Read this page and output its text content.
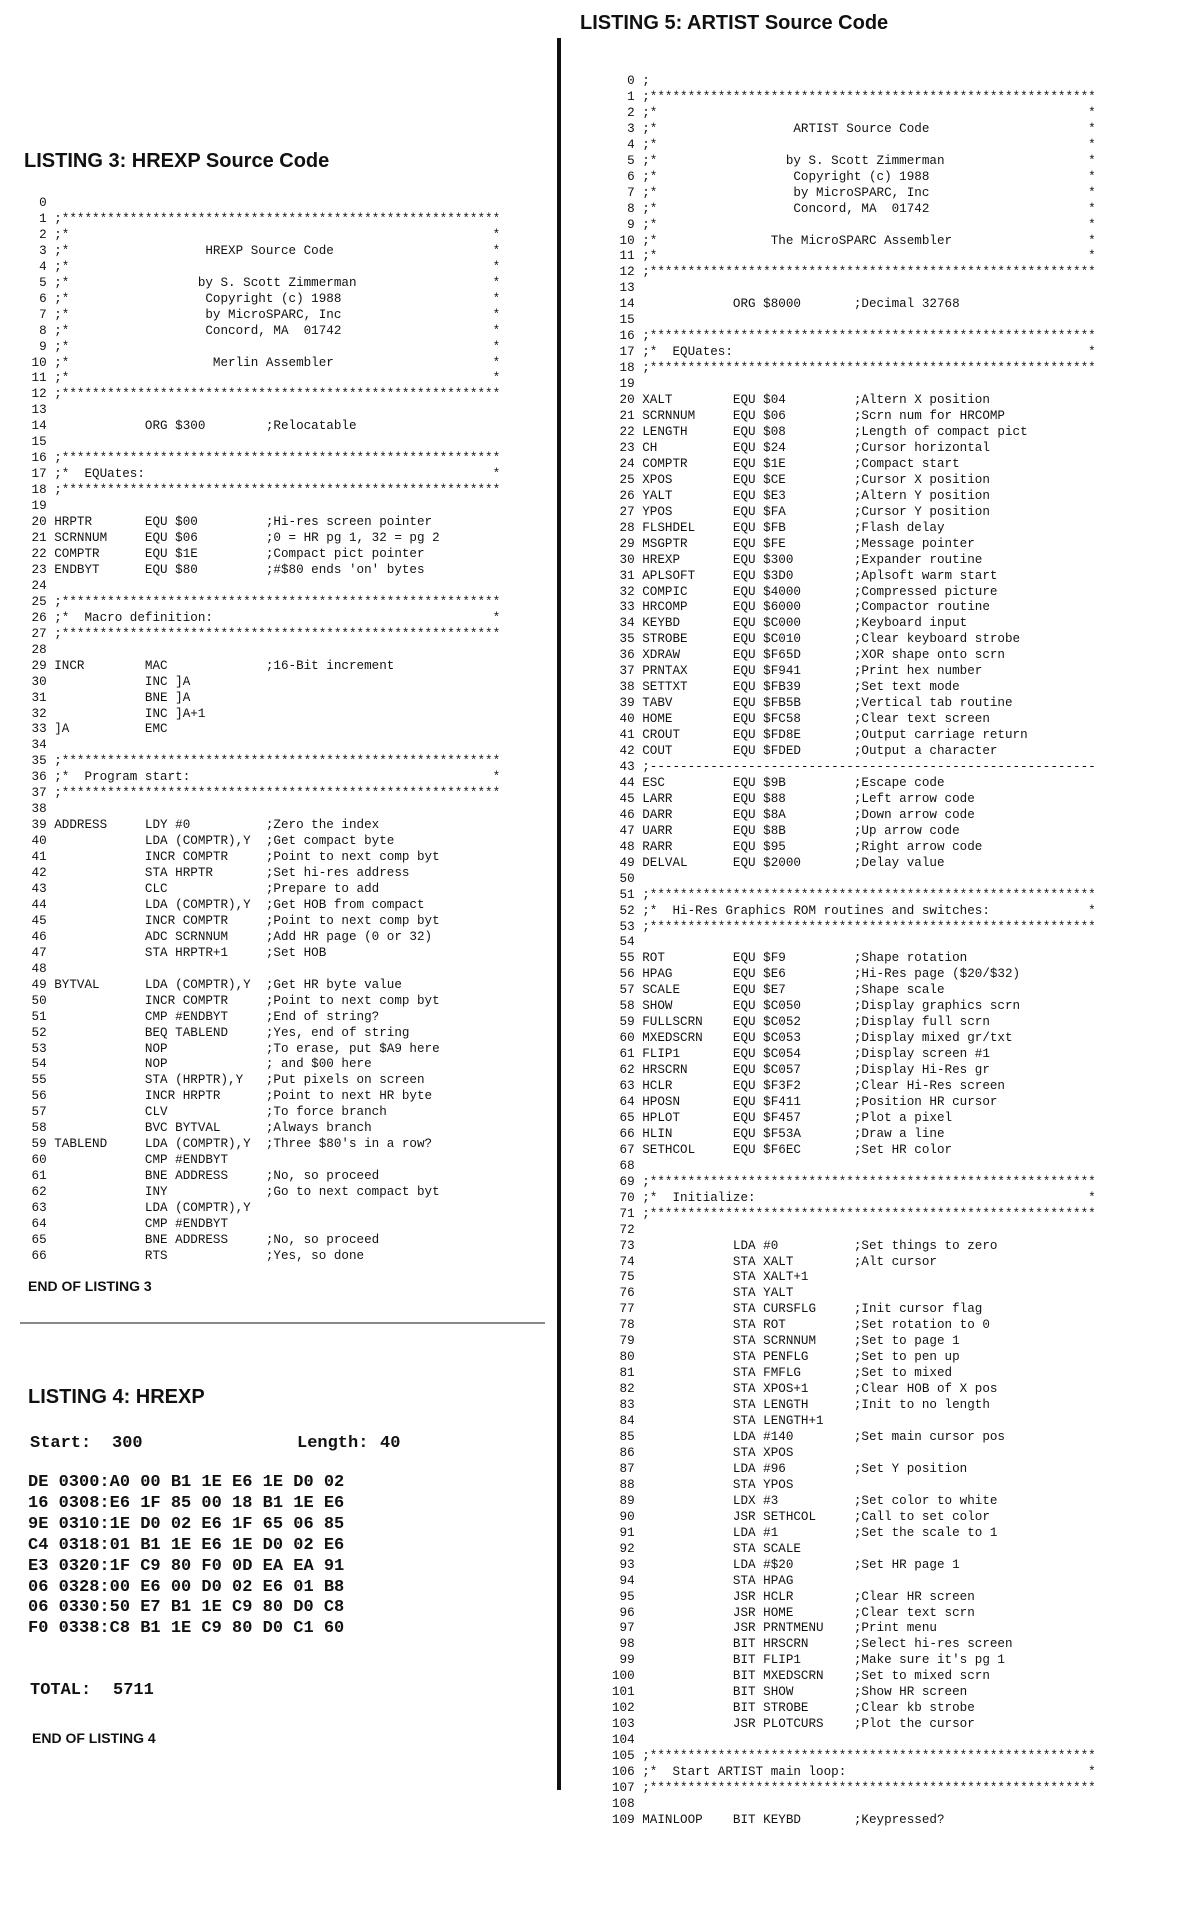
LISTING 3: HREXP Source Code
0
1 ;**********************************************************
2 ;*                                                        *
3 ;*                  HREXP Source Code                     *
4 ;*                                                        *
5 ;*                 by S. Scott Zimmerman                  *
6 ;*                  Copyright (c) 1988                    *
7 ;*                  by MicroSPARC, Inc                    *
8 ;*                  Concord, MA  01742                    *
9 ;*                                                        *
10 ;*                   Merlin Assembler                     *
11 ;*                                                        *
12 ;**********************************************************
13
14             ORG $300        ;Relocatable
15
16 ;**********************************************************
17 ;*  EQUates:                                              *
18 ;**********************************************************
19
20 HRPTR       EQU $00         ;Hi-res screen pointer
21 SCRNNUM     EQU $06         ;0 = HR pg 1, 32 = pg 2
22 COMPTR      EQU $1E         ;Compact pict pointer
23 ENDBYT      EQU $80         ;#$80 ends 'on' bytes
24
25 ;**********************************************************
26 ;*  Macro definition:                                     *
27 ;**********************************************************
28
29 INCR        MAC             ;16-Bit increment
30             INC ]A
31             BNE ]A
32             INC ]A+1
33 ]A          EMC
34
35 ;**********************************************************
36 ;*  Program start:                                        *
37 ;**********************************************************
38
39 ADDRESS     LDY #0          ;Zero the index
40             LDA (COMPTR),Y  ;Get compact byte
41             INCR COMPTR     ;Point to next comp byt
42             STA HRPTR       ;Set hi-res address
43             CLC             ;Prepare to add
44             LDA (COMPTR),Y  ;Get HOB from compact
45             INCR COMPTR     ;Point to next comp byt
46             ADC SCRNNUM     ;Add HR page (0 or 32)
47             STA HRPTR+1     ;Set HOB
48
49 BYTVAL      LDA (COMPTR),Y  ;Get HR byte value
50             INCR COMPTR     ;Point to next comp byt
51             CMP #ENDBYT     ;End of string?
52             BEQ TABLEND     ;Yes, end of string
53             NOP             ;To erase, put $A9 here
54             NOP             ; and $00 here
55             STA (HRPTR),Y   ;Put pixels on screen
56             INCR HRPTR      ;Point to next HR byte
57             CLV             ;To force branch
58             BVC BYTVAL      ;Always branch
59 TABLEND     LDA (COMPTR),Y  ;Three $80's in a row?
60             CMP #ENDBYT
61             BNE ADDRESS     ;No, so proceed
62             INY             ;Go to next compact byt
63             LDA (COMPTR),Y
64             CMP #ENDBYT
65             BNE ADDRESS     ;No, so proceed
66             RTS             ;Yes, so done
END OF LISTING 3
LISTING 4: HREXP
Start: 300	Length: 40
DE 0300:A0 00 B1 1E E6 1E D0 02
16 0308:E6 1F 85 00 18 B1 1E E6
9E 0310:1E D0 02 E6 1F 65 06 85
C4 0318:01 B1 1E E6 1E D0 02 E6
E3 0320:1F C9 80 F0 0D EA EA 91
06 0328:00 E6 00 D0 02 E6 01 B8
06 0330:50 E7 B1 1E C9 80 D0 C8
F0 0338:C8 B1 1E C9 80 D0 C1 60
TOTAL: 5711
END OF LISTING 4
LISTING 5: ARTIST Source Code
0 ;
1 ;***********************************************************
2 ;*                                                         *
3 ;*                  ARTIST Source Code                     *
4 ;*                                                         *
5 ;*                 by S. Scott Zimmerman                   *
6 ;*                  Copyright (c) 1988                     *
7 ;*                  by MicroSPARC, Inc                     *
8 ;*                  Concord, MA  01742                     *
9 ;*                                                         *
10 ;*               The MicroSPARC Assembler                  *
11 ;*                                                         *
12 ;***********************************************************
13
14             ORG $8000       ;Decimal 32768
15
16 ;***********************************************************
17 ;*  EQUates:                                               *
18 ;***********************************************************
19
20 XALT        EQU $04         ;Altern X position
21 SCRNNUM     EQU $06         ;Scrn num for HRCOMP
22 LENGTH      EQU $08         ;Length of compact pict
23 CH          EQU $24         ;Cursor horizontal
24 COMPTR      EQU $1E         ;Compact start
25 XPOS        EQU $CE         ;Cursor X position
26 YALT        EQU $E3         ;Altern Y position
27 YPOS        EQU $FA         ;Cursor Y position
28 FLSHDEL     EQU $FB         ;Flash delay
29 MSGPTR      EQU $FE         ;Message pointer
30 HREXP       EQU $300        ;Expander routine
31 APLSOFT     EQU $3D0        ;Aplsoft warm start
32 COMPIC      EQU $4000       ;Compressed picture
33 HRCOMP      EQU $6000       ;Compactor routine
34 KEYBD       EQU $C000       ;Keyboard input
35 STROBE      EQU $C010       ;Clear keyboard strobe
36 XDRAW       EQU $F65D       ;XOR shape onto scrn
37 PRNTAX      EQU $F941       ;Print hex number
38 SETTXT      EQU $FB39       ;Set text mode
39 TABV        EQU $FB5B       ;Vertical tab routine
40 HOME        EQU $FC58       ;Clear text screen
41 CROUT       EQU $FD8E       ;Output carriage return
42 COUT        EQU $FDED       ;Output a character
43 ;-----------------------------------------------------------
44 ESC         EQU $9B         ;Escape code
45 LARR        EQU $88         ;Left arrow code
46 DARR        EQU $8A         ;Down arrow code
47 UARR        EQU $8B         ;Up arrow code
48 RARR        EQU $95         ;Right arrow code
49 DELVAL      EQU $2000       ;Delay value
50
51 ;***********************************************************
52 ;*  Hi-Res Graphics ROM routines and switches:             *
53 ;***********************************************************
54
55 ROT         EQU $F9         ;Shape rotation
56 HPAG        EQU $E6         ;Hi-Res page ($20/$32)
57 SCALE       EQU $E7         ;Shape scale
58 SHOW        EQU $C050       ;Display graphics scrn
59 FULLSCRN    EQU $C052       ;Display full scrn
60 MXEDSCRN    EQU $C053       ;Display mixed gr/txt
61 FLIP1       EQU $C054       ;Display screen #1
62 HRSCRN      EQU $C057       ;Display Hi-Res gr
63 HCLR        EQU $F3F2       ;Clear Hi-Res screen
64 HPOSN       EQU $F411       ;Position HR cursor
65 HPLOT       EQU $F457       ;Plot a pixel
66 HLIN        EQU $F53A       ;Draw a line
67 SETHCOL     EQU $F6EC       ;Set HR color
68
69 ;***********************************************************
70 ;*  Initialize:                                            *
71 ;***********************************************************
72
73             LDA #0          ;Set things to zero
74             STA XALT        ;Alt cursor
75             STA XALT+1
76             STA YALT
77             STA CURSFLG     ;Init cursor flag
78             STA ROT         ;Set rotation to 0
79             STA SCRNNUM     ;Set to page 1
80             STA PENFLG      ;Set to pen up
81             STA FMFLG       ;Set to mixed
82             STA XPOS+1      ;Clear HOB of X pos
83             STA LENGTH      ;Init to no length
84             STA LENGTH+1
85             LDA #140        ;Set main cursor pos
86             STA XPOS
87             LDA #96         ;Set Y position
88             STA YPOS
89             LDX #3          ;Set color to white
90             JSR SETHCOL     ;Call to set color
91             LDA #1          ;Set the scale to 1
92             STA SCALE
93             LDA #$20        ;Set HR page 1
94             STA HPAG
95             JSR HCLR        ;Clear HR screen
96             JSR HOME        ;Clear text scrn
97             JSR PRNTMENU    ;Print menu
98             BIT HRSCRN      ;Select hi-res screen
99             BIT FLIP1       ;Make sure it's pg 1
100             BIT MXEDSCRN    ;Set to mixed scrn
101             BIT SHOW        ;Show HR screen
102             BIT STROBE      ;Clear kb strobe
103             JSR PLOTCURS    ;Plot the cursor
104
105 ;***********************************************************
106 ;*  Start ARTIST main loop:                                *
107 ;***********************************************************
108
109 MAINLOOP    BIT KEYBD       ;Keypressed?
